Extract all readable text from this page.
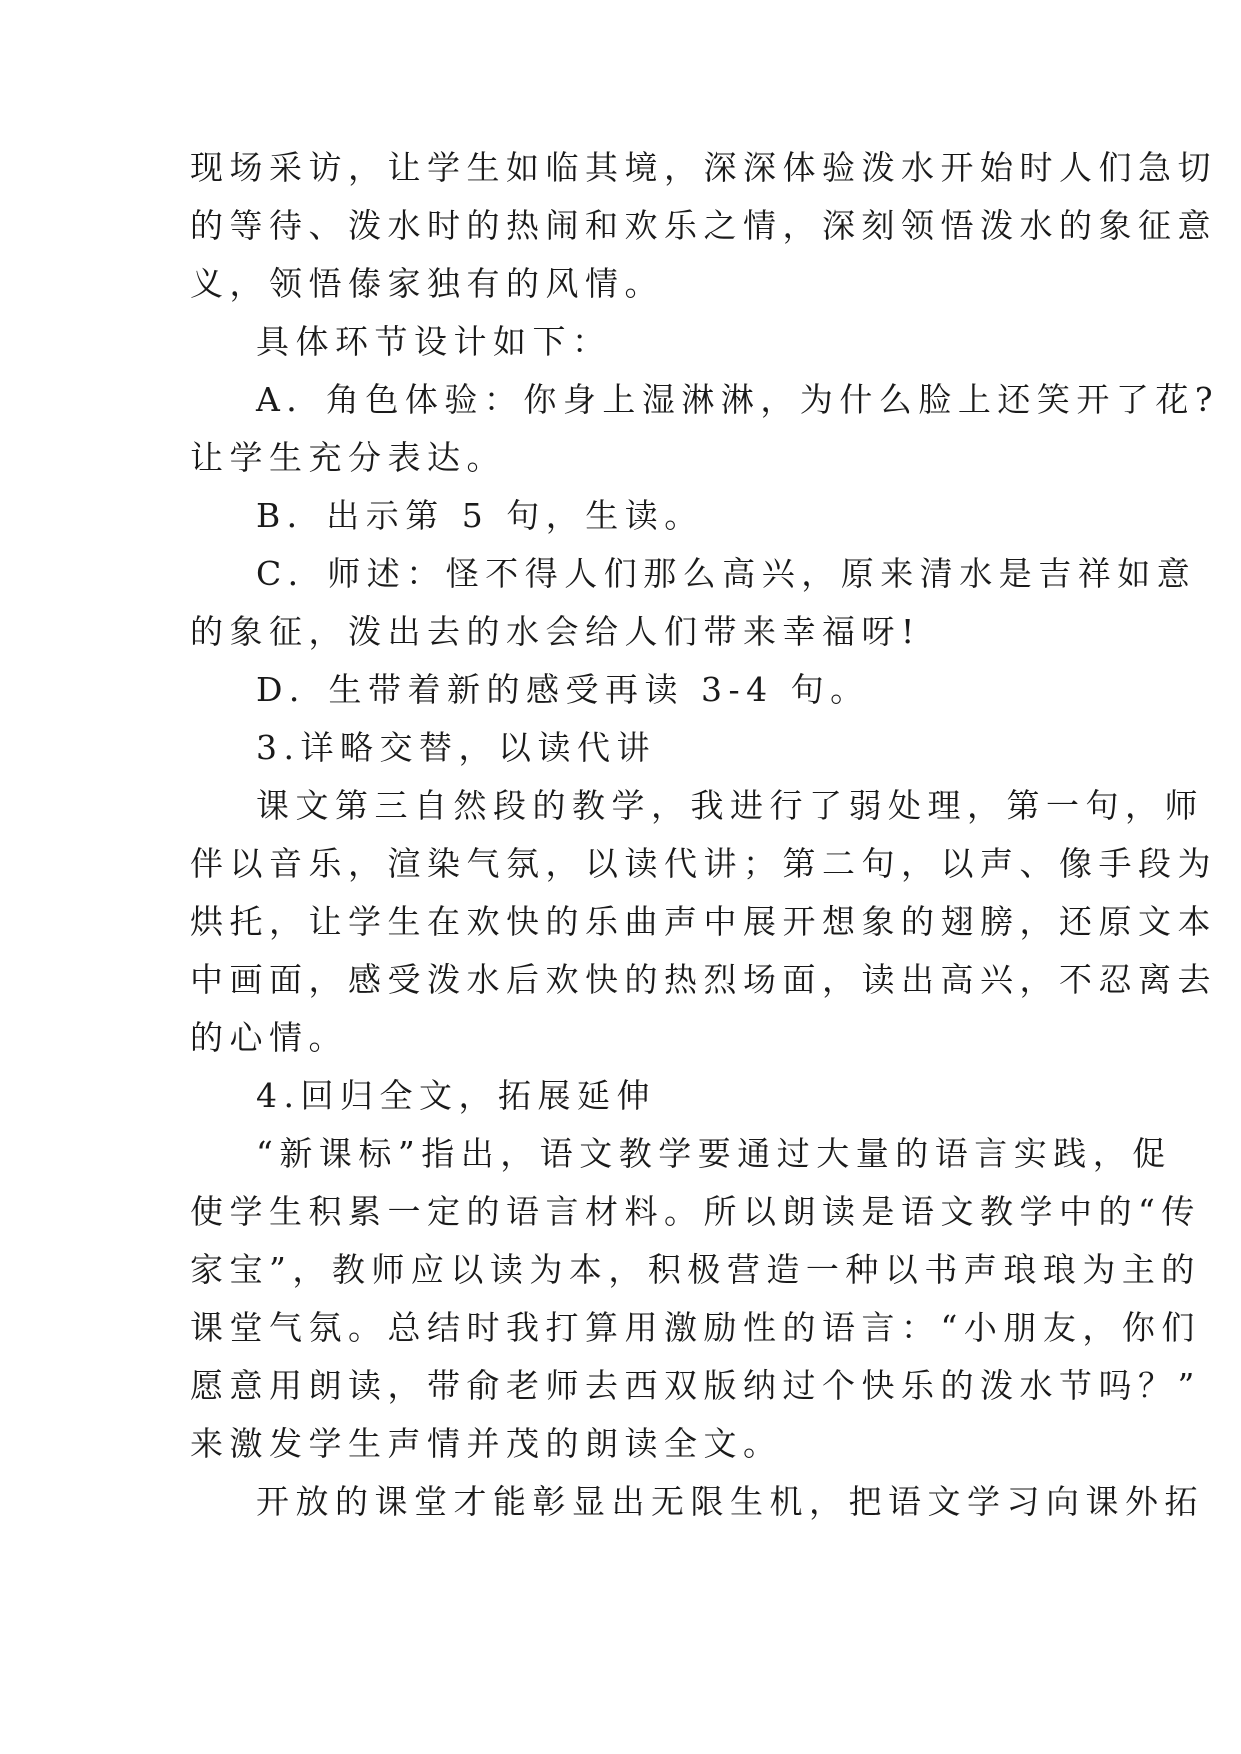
现场采访，让学生如临其境，深深体验泼水开始时人们急切
的等待、泼水时的热闹和欢乐之情，深刻领悟泼水的象征意
义，领悟傣家独有的风情。
具体环节设计如下：
A．角色体验：你身上湿淋淋，为什么脸上还笑开了花?
让学生充分表达。
B．出示第 5 句，生读。
C．师述：怪不得人们那么高兴，原来清水是吉祥如意
的象征，泼出去的水会给人们带来幸福呀!
D．生带着新的感受再读 3-4 句。
3.详略交替，以读代讲
课文第三自然段的教学，我进行了弱处理，第一句，师
伴以音乐，渲染气氛，以读代讲；第二句，以声、像手段为
烘托，让学生在欢快的乐曲声中展开想象的翅膀，还原文本
中画面，感受泼水后欢快的热烈场面，读出高兴，不忍离去
的心情。
4.回归全文，拓展延伸
“新课标”指出，语文教学要通过大量的语言实践，促
使学生积累一定的语言材料。所以朗读是语文教学中的“传
家宝”，教师应以读为本，积极营造一种以书声琅琅为主的
课堂气氛。总结时我打算用激励性的语言：“小朋友，你们
愿意用朗读，带俞老师去西双版纳过个快乐的泼水节吗？”
来激发学生声情并茂的朗读全文。
开放的课堂才能彰显出无限生机，把语文学习向课外拓
